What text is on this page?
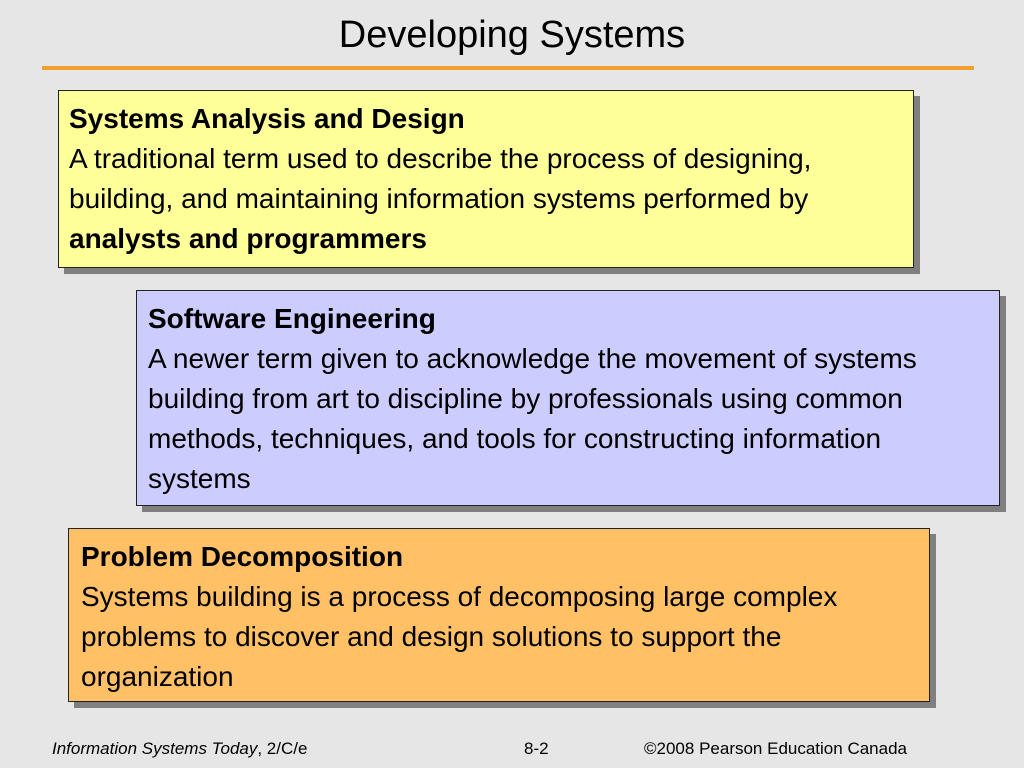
Developing Systems
Systems Analysis and Design
A traditional term used to describe the process of designing, building, and maintaining information systems performed by analysts and programmers
Software Engineering
A newer term given to acknowledge the movement of systems building from art to discipline by professionals using common methods, techniques, and tools for constructing information systems
Problem Decomposition
Systems building is a process of decomposing large complex problems to discover and design solutions to support the organization
Information Systems Today, 2/C/e	8-2	©2008 Pearson Education Canada
